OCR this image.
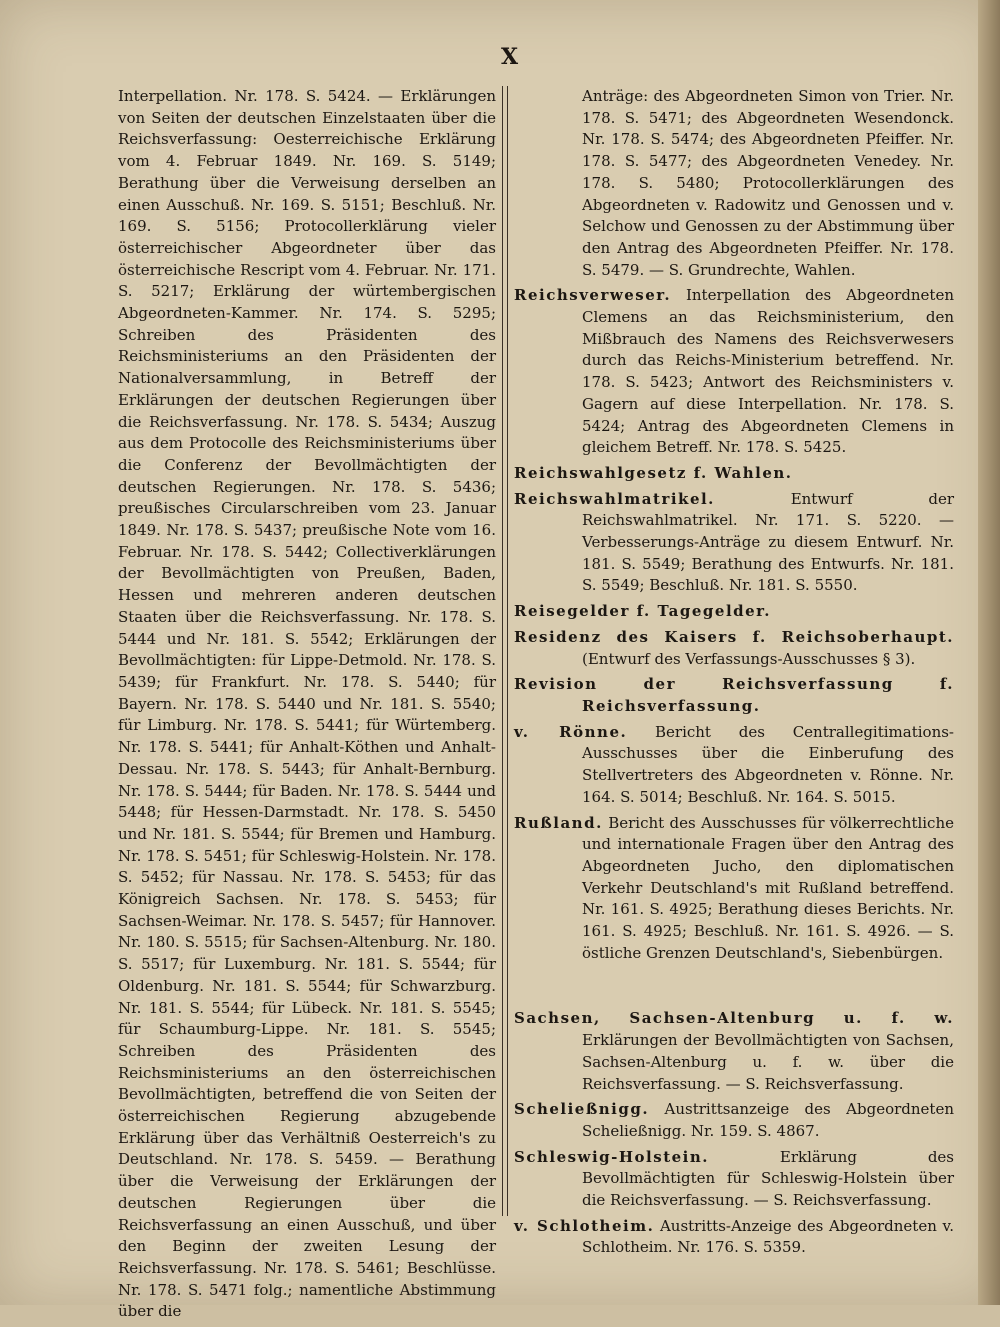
X

Interpellation. Nr. 178. S. 5424. — Erklärungen von Seiten der deutschen Einzelstaaten über die Reichsverfassung: Oesterreichische Erklärung vom 4. Februar 1849. Nr. 169. S. 5149; Berathung über die Verweisung derselben an einen Ausschuß. Nr. 169. S. 5151; Beschluß. Nr. 169. S. 5156; Protocollerklärung vieler österreichischer Abgeordneter über das österreichische Rescript vom 4. Februar. Nr. 171. S. 5217; Erklärung der würtembergischen Abgeordneten-Kammer. Nr. 174. S. 5295; Schreiben des Präsidenten des Reichsministeriums an den Präsidenten der Nationalversammlung, in Betreff der Erklärungen der deutschen Regierungen über die Reichsverfassung. Nr. 178. S. 5434; Auszug aus dem Protocolle des Reichsministeriums über die Conferenz der Bevollmächtigten der deutschen Regierungen. Nr. 178. S. 5436; preußisches Circularschreiben vom 23. Januar 1849. Nr. 178. S. 5437; preußische Note vom 16. Februar. Nr. 178. S. 5442; Collectiverklärungen der Bevollmächtigten von Preußen, Baden, Hessen und mehreren anderen deutschen Staaten über die Reichsverfassung. Nr. 178. S. 5444 und Nr. 181. S. 5542; Erklärungen der Bevollmächtigten: für Lippe-Detmold. Nr. 178. S. 5439; für Frankfurt. Nr. 178. S. 5440; für Bayern. Nr. 178. S. 5440 und Nr. 181. S. 5540; für Limburg. Nr. 178. S. 5441; für Würtemberg. Nr. 178. S. 5441; für Anhalt-Köthen und Anhalt-Dessau. Nr. 178. S. 5443; für Anhalt-Bernburg. Nr. 178. S. 5444; für Baden. Nr. 178. S. 5444 und 5448; für Hessen-Darmstadt. Nr. 178. S. 5450 und Nr. 181. S. 5544; für Bremen und Hamburg. Nr. 178. S. 5451; für Schleswig-Holstein. Nr. 178. S. 5452; für Nassau. Nr. 178. S. 5453; für das Königreich Sachsen. Nr. 178. S. 5453; für Sachsen-Weimar. Nr. 178. S. 5457; für Hannover. Nr. 180. S. 5515; für Sachsen-Altenburg. Nr. 180. S. 5517; für Luxemburg. Nr. 181. S. 5544; für Oldenburg. Nr. 181. S. 5544; für Schwarzburg. Nr. 181. S. 5544; für Lübeck. Nr. 181. S. 5545; für Schaumburg-Lippe. Nr. 181. S. 5545; Schreiben des Präsidenten des Reichsministeriums an den österreichischen Bevollmächtigten, betreffend die von Seiten der österreichischen Regierung abzugebende Erklärung über das Verhältniß Oesterreich's zu Deutschland. Nr. 178. S. 5459. — Berathung über die Verweisung der Erklärungen der deutschen Regierungen über die Reichsverfassung an einen Ausschuß, und über den Beginn der zweiten Lesung der Reichsverfassung. Nr. 178. S. 5461; Beschlüsse. Nr. 178. S. 5471 folg.; namentliche Abstimmung über die

Anträge: des Abgeordneten Simon von Trier. Nr. 178. S. 5471; des Abgeordneten Wesendonck. Nr. 178. S. 5474; des Abgeordneten Pfeiffer. Nr. 178. S. 5477; des Abgeordneten Venedey. Nr. 178. S. 5480; Protocollerklärungen des Abgeordneten v. Radowitz und Genossen und v. Selchow und Genossen zu der Abstimmung über den Antrag des Abgeordneten Pfeiffer. Nr. 178. S. 5479. — S. Grundrechte, Wahlen.

Reichsverweser. Interpellation des Abgeordneten Clemens an das Reichsministerium, den Mißbrauch des Namens des Reichsverwesers durch das Reichs-Ministerium betreffend. Nr. 178. S. 5423; Antwort des Reichsministers v. Gagern auf diese Interpellation. Nr. 178. S. 5424; Antrag des Abgeordneten Clemens in gleichem Betreff. Nr. 178. S. 5425.

Reichswahlgesetz f. Wahlen.

Reichswahlmatrikel. Entwurf der Reichswahlmatrikel. Nr. 171. S. 5220. — Verbesserungs-Anträge zu diesem Entwurf. Nr. 181. S. 5549; Berathung des Entwurfs. Nr. 181. S. 5549; Beschluß. Nr. 181. S. 5550.

Reisegelder f. Tagegelder.

Residenz des Kaisers f. Reichsoberhaupt. (Entwurf des Verfassungs-Ausschusses § 3).

Revision der Reichsverfassung f. Reichsverfassung.

v. Rönne. Bericht des Centrallegitimations-Ausschusses über die Einberufung des Stellvertreters des Abgeordneten v. Rönne. Nr. 164. S. 5014; Beschluß. Nr. 164. S. 5015.

Rußland. Bericht des Ausschusses für völkerrechtliche und internationale Fragen über den Antrag des Abgeordneten Jucho, den diplomatischen Verkehr Deutschland's mit Rußland betreffend. Nr. 161. S. 4925; Berathung dieses Berichts. Nr. 161. S. 4925; Beschluß. Nr. 161. S. 4926. — S. östliche Grenzen Deutschland's, Siebenbürgen.

Sachsen, Sachsen-Altenburg u. f. w. Erklärungen der Bevollmächtigten von Sachsen, Sachsen-Altenburg u. f. w. über die Reichsverfassung. — S. Reichsverfassung.

Scheließnigg. Austrittsanzeige des Abgeordneten Scheließnigg. Nr. 159. S. 4867.

Schleswig-Holstein. Erklärung des Bevollmächtigten für Schleswig-Holstein über die Reichsverfassung. — S. Reichsverfassung.

v. Schlotheim. Austritts-Anzeige des Abgeordneten v. Schlotheim. Nr. 176. S. 5359.
